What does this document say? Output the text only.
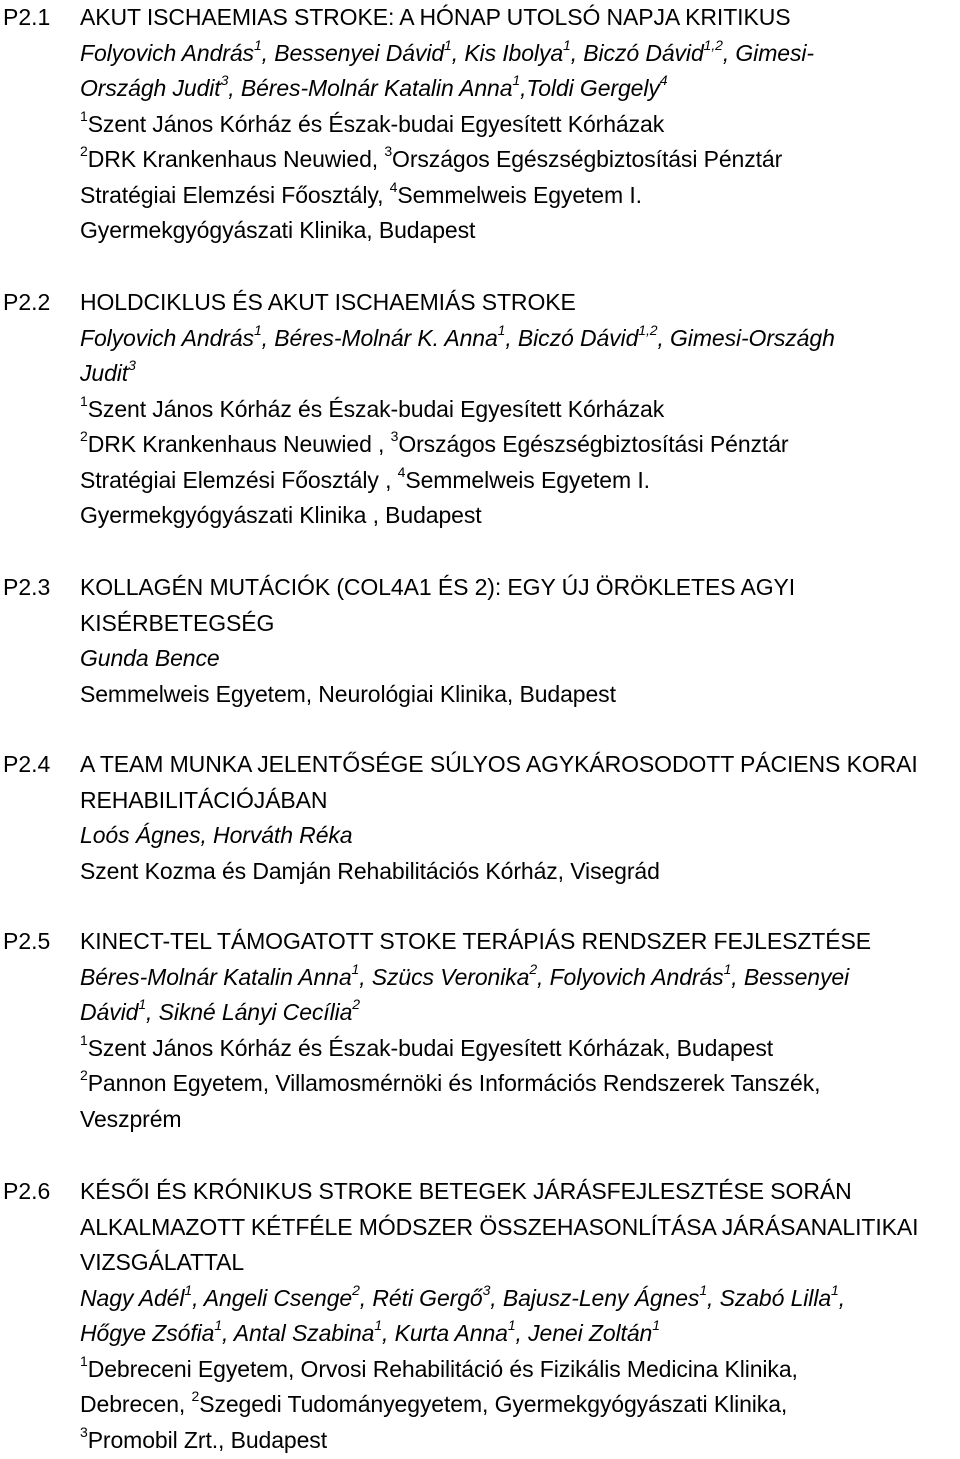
P2.1	AKUT ISCHAEMIAS STROKE: A HÓNAP UTOLSÓ NAPJA KRITIKUS
Folyovich András$^1$, Bessenyei Dávid$^1$, Kis Ibolya$^1$, Biczó Dávid$^{1,2}$, Gimesi-
Országh Judit$^3$, Béres-Molnár Katalin Anna$^1$,Toldi Gergely$^4$
$^1$Szent János Kórház és Észak-budai Egyesített Kórházak
$^2$DRK Krankenhaus Neuwied, $^3$Országos Egészségbiztosítási Pénztár
Stratégiai Elemzési Főosztály, $^4$Semmelweis Egyetem I.
Gyermekgyógyászati Klinika, Budapest
P2.2	HOLDCIKLUS ÉS AKUT ISCHAEMIÁS STROKE
Folyovich András$^1$, Béres-Molnár K. Anna$^1$, Biczó Dávid$^{1,2}$, Gimesi-Országh
Judit$^3$
$^1$Szent János Kórház és Észak-budai Egyesített Kórházak
$^2$DRK Krankenhaus Neuwied , $^3$Országos Egészségbiztosítási Pénztár
Stratégiai Elemzési Főosztály , $^4$Semmelweis Egyetem I.
Gyermekgyógyászati Klinika , Budapest
P2.3	KOLLAGÉN MUTÁCIÓK (COL4A1 ÉS 2): EGY ÚJ ÖRÖKLETES AGYI
KISÉRBETEGSÉG
Gunda Bence
Semmelweis Egyetem, Neurológiai Klinika, Budapest
P2.4	A TEAM MUNKA JELENTŐSÉGE SÚLYOS AGYKÁROSODOTT PÁCIENS KORAI
REHABILITÁCIÓJÁBAN
Loós Ágnes, Horváth Réka
Szent Kozma és Damján Rehabilitációs Kórház, Visegrád
P2.5	KINECT-TEL TÁMOGATOTT STOKE TERÁPIÁS RENDSZER FEJLESZTÉSE
Béres-Molnár Katalin Anna$^1$, Szücs Veronika$^2$, Folyovich András$^1$, Bessenyei
Dávid$^1$, Sikné Lányi Cecília$^2$
$^1$Szent János Kórház és Észak-budai Egyesített Kórházak, Budapest
$^2$Pannon Egyetem, Villamosmérnöki és Információs Rendszerek Tanszék,
Veszprém
P2.6	KÉSŐI ÉS KRÓNIKUS STROKE BETEGEK JÁRÁSFEJLESZTÉSE SORÁN
ALKALMAZOTT KÉTFÉLE MÓDSZER ÖSSZEHASONLÍTÁSA JÁRÁSANALITIKAI
VIZSGÁLATTAL
Nagy Adél$^1$, Angeli Csenge$^2$, Réti Gergő$^3$, Bajusz-Leny Ágnes$^1$, Szabó Lilla$^1$,
Hőgye Zsófia$^1$, Antal Szabina$^1$, Kurta Anna$^1$, Jenei Zoltán$^1$
$^1$Debreceni Egyetem, Orvosi Rehabilitáció és Fizikális Medicina Klinika,
Debrecen, $^2$Szegedi Tudományegyetem, Gyermekgyógyászati Klinika,
$^3$Promobil Zrt., Budapest
